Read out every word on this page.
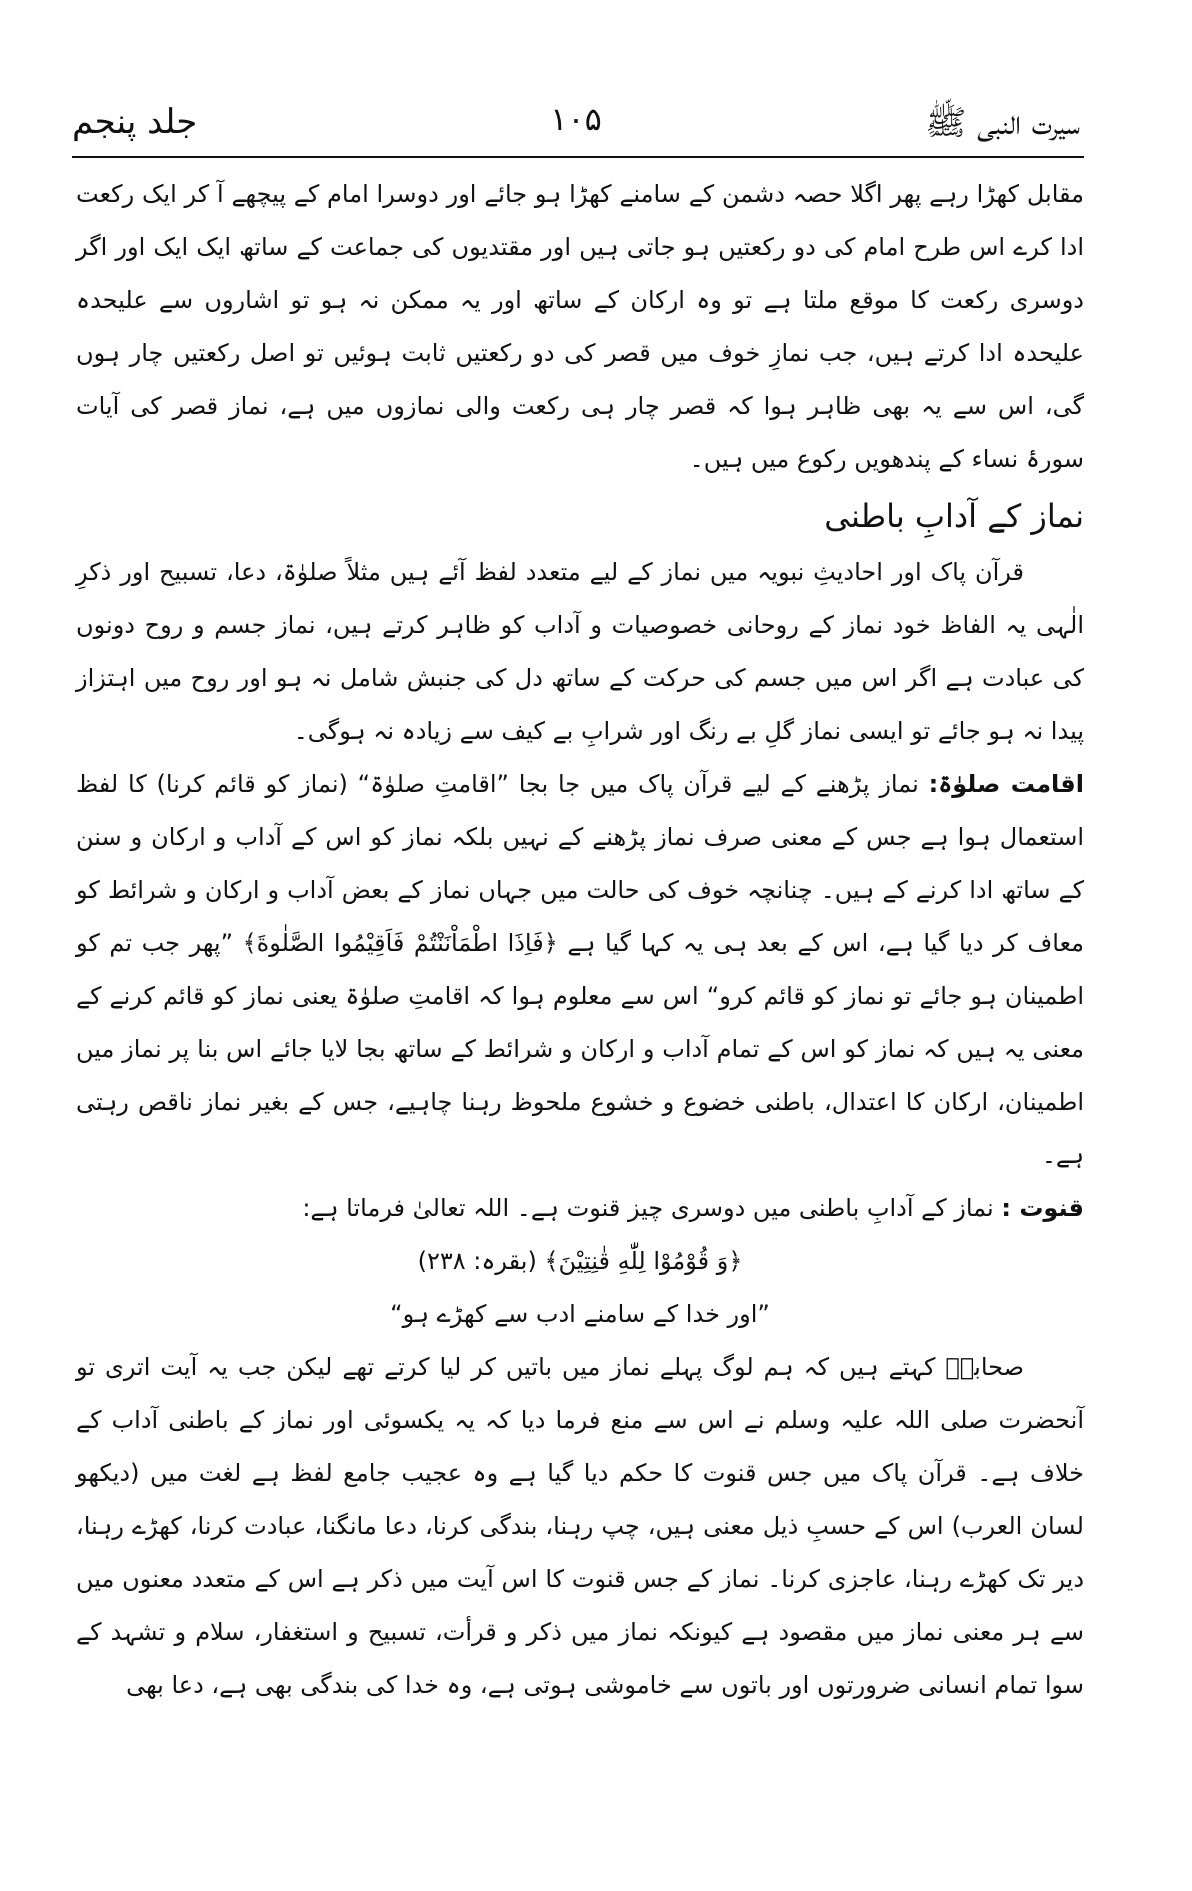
سیرت النبی ﷺ
۱۰۵
جلد پنجم

مقابل کھڑا رہے پھر اگلا حصہ دشمن کے سامنے کھڑا ہو جائے اور دوسرا امام کے پیچھے آ کر ایک رکعت ادا کرے اس طرح امام کی دو رکعتیں ہو جاتی ہیں اور مقتدیوں کی جماعت کے ساتھ ایک ایک اور اگر دوسری رکعت کا موقع ملتا ہے تو وہ ارکان کے ساتھ اور یہ ممکن نہ ہو تو اشاروں سے علیحدہ علیحدہ ادا کرتے ہیں، جب نمازِ خوف میں قصر کی دو رکعتیں ثابت ہوئیں تو اصل رکعتیں چار ہوں گی، اس سے یہ بھی ظاہر ہوا کہ قصر چار ہی رکعت والی نمازوں میں ہے، نماز قصر کی آیات سورۂ نساء کے پندھویں رکوع میں ہیں۔

نماز کے آدابِ باطنی

قرآن پاک اور احادیثِ نبویہ میں نماز کے لیے متعدد لفظ آئے ہیں مثلاً صلوٰۃ، دعا، تسبیح اور ذکرِ الٰہی یہ الفاظ خود نماز کے روحانی خصوصیات و آداب کو ظاہر کرتے ہیں، نماز جسم و روح دونوں کی عبادت ہے اگر اس میں جسم کی حرکت کے ساتھ دل کی جنبش شامل نہ ہو اور روح میں اہتزاز پیدا نہ ہو جائے تو ایسی نماز گلِ بے رنگ اور شرابِ بے کیف سے زیادہ نہ ہوگی۔

اقامت صلوٰۃ: نماز پڑھنے کے لیے قرآن پاک میں جا بجا ”اقامتِ صلوٰۃ“ (نماز کو قائم کرنا) کا لفظ استعمال ہوا ہے جس کے معنی صرف نماز پڑھنے کے نہیں بلکہ نماز کو اس کے آداب و ارکان و سنن کے ساتھ ادا کرنے کے ہیں۔ چنانچہ خوف کی حالت میں جہاں نماز کے بعض آداب و ارکان و شرائط کو معاف کر دیا گیا ہے، اس کے بعد ہی یہ کہا گیا ہے ﴿فَاِذَا اطْمَاْنَنْتُمْ فَاَقِيْمُوا الصَّلٰوةَ﴾ ”پھر جب تم کو اطمینان ہو جائے تو نماز کو قائم کرو“ اس سے معلوم ہوا کہ اقامتِ صلوٰۃ یعنی نماز کو قائم کرنے کے معنی یہ ہیں کہ نماز کو اس کے تمام آداب و ارکان و شرائط کے ساتھ بجا لایا جائے اس بنا پر نماز میں اطمینان، ارکان کا اعتدال، باطنی خضوع و خشوع ملحوظ رہنا چاہیے، جس کے بغیر نماز ناقص رہتی ہے۔

قنوت : نماز کے آدابِ باطنی میں دوسری چیز قنوت ہے۔ اللہ تعالیٰ فرماتا ہے:

﴿وَ قُوْمُوْا لِلّٰهِ قٰنِتِيْنَ﴾ (بقرہ: ۲۳۸)

”اور خدا کے سامنے ادب سے کھڑے ہو“

صحابہؓ کہتے ہیں کہ ہم لوگ پہلے نماز میں باتیں کر لیا کرتے تھے لیکن جب یہ آیت اتری تو آنحضرت صلی اللہ علیہ وسلم نے اس سے منع فرما دیا کہ یہ یکسوئی اور نماز کے باطنی آداب کے خلاف ہے۔ قرآن پاک میں جس قنوت کا حکم دیا گیا ہے وہ عجیب جامع لفظ ہے لغت میں (دیکھو لسان العرب) اس کے حسبِ ذیل معنی ہیں، چپ رہنا، بندگی کرنا، دعا مانگنا، عبادت کرنا، کھڑے رہنا، دیر تک کھڑے رہنا، عاجزی کرنا۔ نماز کے جس قنوت کا اس آیت میں ذکر ہے اس کے متعدد معنوں میں سے ہر معنی نماز میں مقصود ہے کیونکہ نماز میں ذکر و قرأت، تسبیح و استغفار، سلام و تشہد کے سوا تمام انسانی ضرورتوں اور باتوں سے خاموشی ہوتی ہے، وہ خدا کی بندگی بھی ہے، دعا بھی
